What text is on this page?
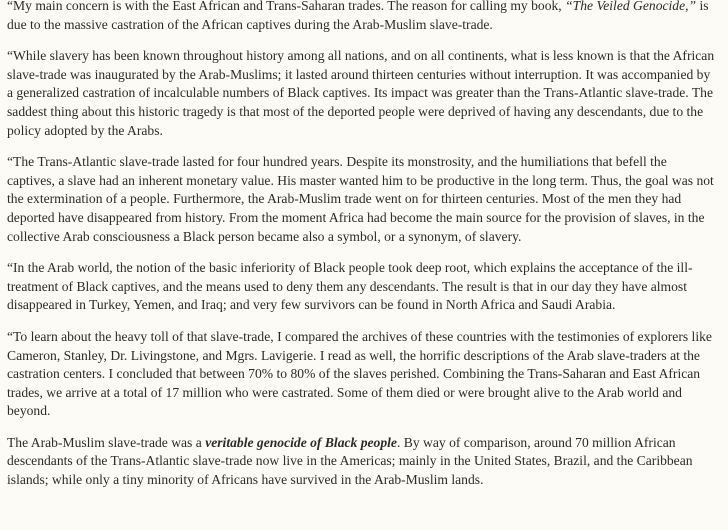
“My main concern is with the East African and Trans-Saharan trades. The reason for calling my book, “The Veiled Genocide,” is due to the massive castration of the African captives during the Arab-Muslim slave-trade.

“While slavery has been known throughout history among all nations, and on all continents, what is less known is that the African slave-trade was inaugurated by the Arab-Muslims; it lasted around thirteen centuries without interruption. It was accompanied by a generalized castration of incalculable numbers of Black captives. Its impact was greater than the Trans-Atlantic slave-trade. The saddest thing about this historic tragedy is that most of the deported people were deprived of having any descendants, due to the policy adopted by the Arabs.

“The Trans-Atlantic slave-trade lasted for four hundred years. Despite its monstrosity, and the humiliations that befell the captives, a slave had an inherent monetary value. His master wanted him to be productive in the long term. Thus, the goal was not the extermination of a people. Furthermore, the Arab-Muslim trade went on for thirteen centuries. Most of the men they had deported have disappeared from history. From the moment Africa had become the main source for the provision of slaves, in the collective Arab consciousness a Black person became also a symbol, or a synonym, of slavery.

“In the Arab world, the notion of the basic inferiority of Black people took deep root, which explains the acceptance of the ill-treatment of Black captives, and the means used to deny them any descendants. The result is that in our day they have almost disappeared in Turkey, Yemen, and Iraq; and very few survivors can be found in North Africa and Saudi Arabia.

“To learn about the heavy toll of that slave-trade, I compared the archives of these countries with the testimonies of explorers like Cameron, Stanley, Dr. Livingstone, and Mgrs. Lavigerie. I read as well, the horrific descriptions of the Arab slave-traders at the castration centers. I concluded that between 70% to 80% of the slaves perished. Combining the Trans-Saharan and East African trades, we arrive at a total of 17 million who were castrated. Some of them died or were brought alive to the Arab world and beyond.

The Arab-Muslim slave-trade was a veritable genocide of Black people. By way of comparison, around 70 million African descendants of the Trans-Atlantic slave-trade now live in the Americas; mainly in the United States, Brazil, and the Caribbean islands; while only a tiny minority of Africans have survived in the Arab-Muslim lands.
